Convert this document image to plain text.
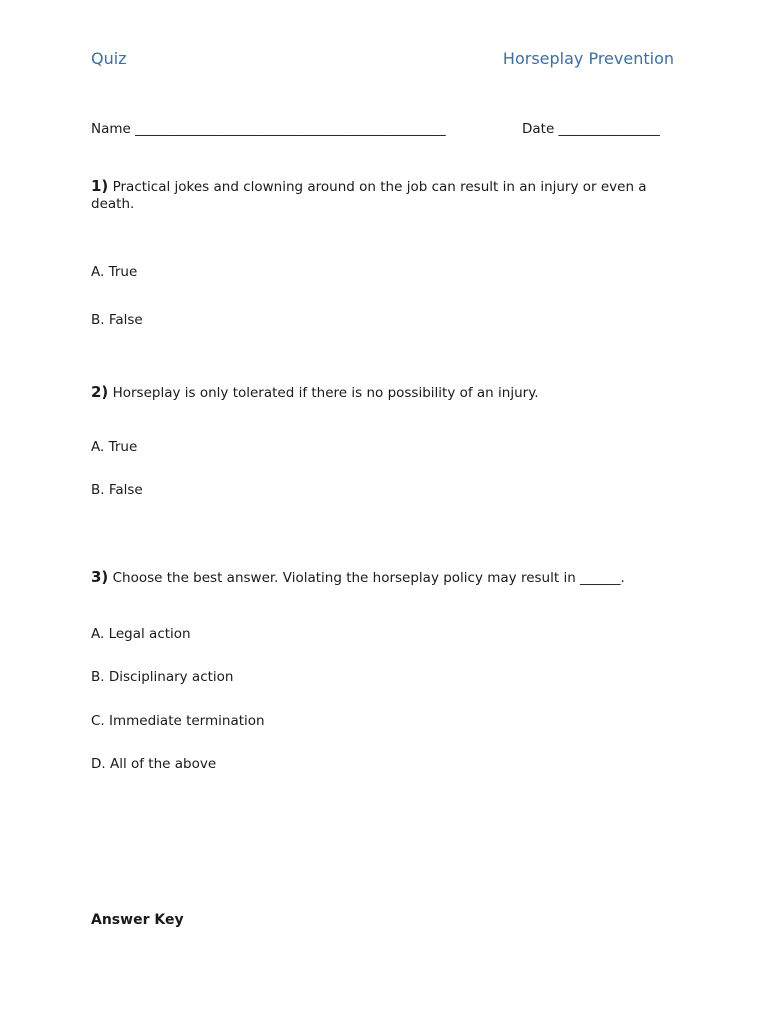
Quiz	Horseplay Prevention
Name ______________________________________________	Date _______________
1) Practical jokes and clowning around on the job can result in an injury or even a death.
A. True
B. False
2) Horseplay is only tolerated if there is no possibility of an injury.
A. True
B. False
3) Choose the best answer. Violating the horseplay policy may result in ______.
A. Legal action
B. Disciplinary action
C. Immediate termination
D. All of the above
Answer Key
